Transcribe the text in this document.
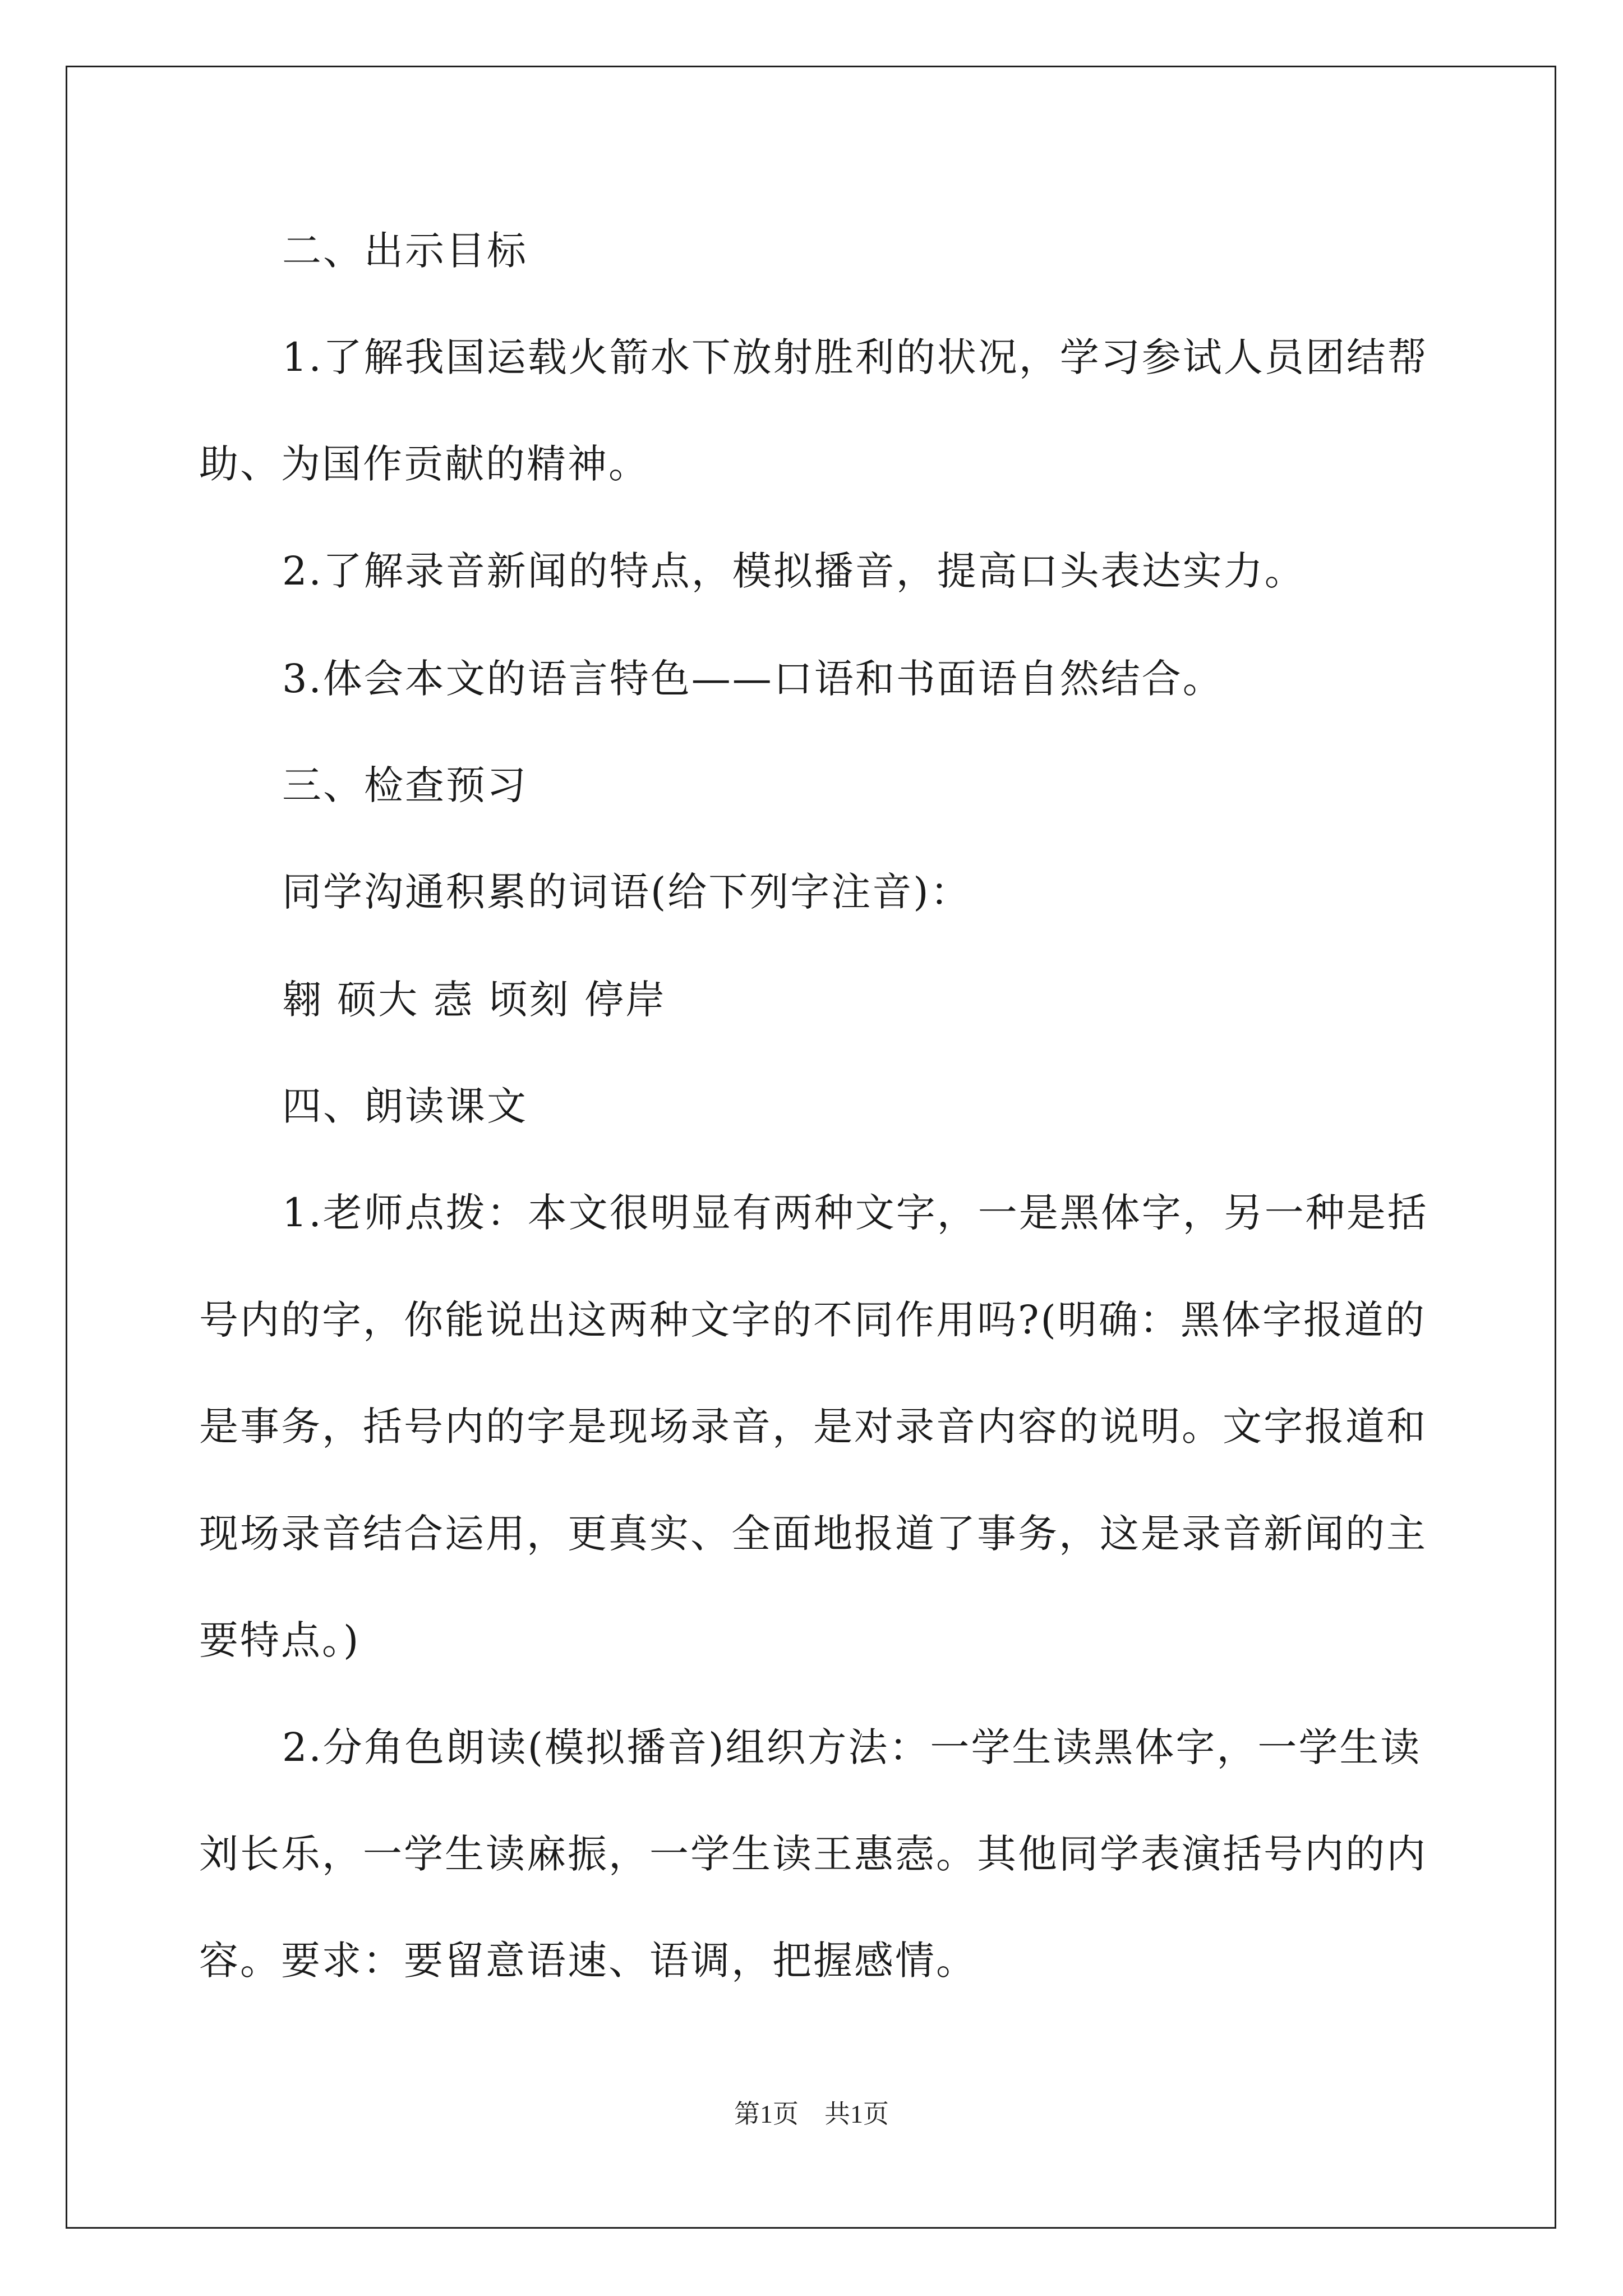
二、出示目标
1.了解我国运载火箭水下放射胜利的状况，学习参试人员团结帮
助、为国作贡献的精神。
2.了解录音新闻的特点，模拟播音，提高口头表达实力。
3.体会本文的语言特色——口语和书面语自然结合。
三、检查预习
同学沟通积累的词语(给下列字注音)：
翱 硕大 悫 顷刻 停岸
四、朗读课文
1.老师点拨：本文很明显有两种文字，一是黑体字，另一种是括
号内的字，你能说出这两种文字的不同作用吗?(明确：黑体字报道的
是事务，括号内的字是现场录音，是对录音内容的说明。文字报道和
现场录音结合运用，更真实、全面地报道了事务，这是录音新闻的主
要特点。)
2.分角色朗读(模拟播音)组织方法：一学生读黑体字，一学生读
刘长乐，一学生读麻振，一学生读王惠悫。其他同学表演括号内的内
容。要求：要留意语速、语调，把握感情。
第1页　共1页
